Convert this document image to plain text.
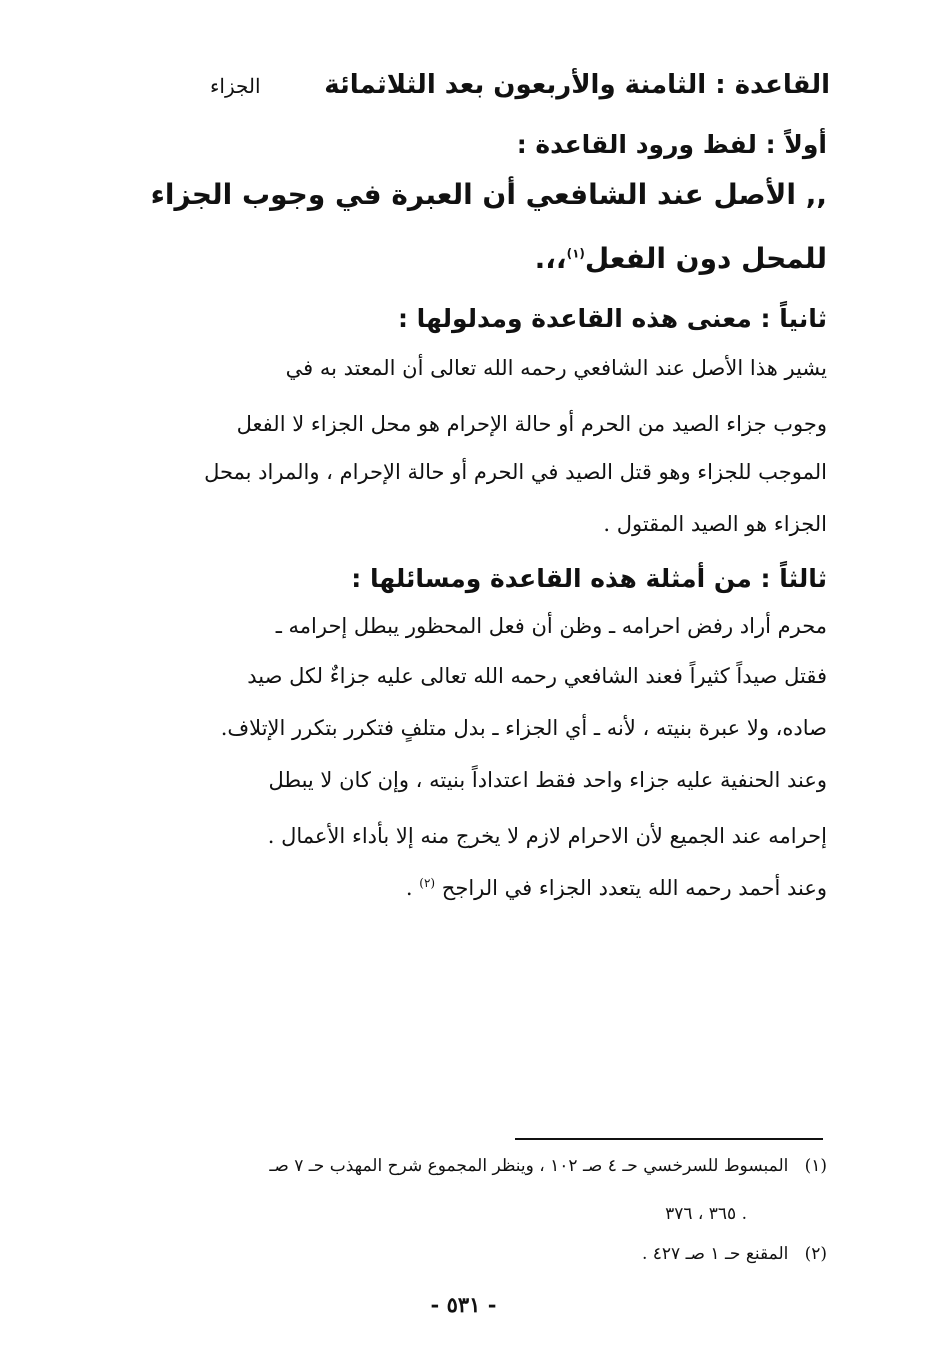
القاعدة : الثامنة والأربعون بعد الثلاثمائة
الجزاء
أولاً : لفظ ورود القاعدة :
,, الأصل عند الشافعي أن العبرة في وجوب الجزاء
للمحل دون الفعل$^{(١)}$،،.
ثانياً : معنى هذه القاعدة ومدلولها :
يشير هذا الأصل عند الشافعي رحمه الله تعالى أن المعتد به في
وجوب جزاء الصيد من الحرم أو حالة الإحرام هو محل الجزاء لا الفعل
الموجب للجزاء وهو قتل الصيد في الحرم أو حالة الإحرام ، والمراد بمحل
الجزاء هو الصيد المقتول .
ثالثاً : من أمثلة هذه القاعدة ومسائلها :
محرم أراد رفض احرامه ـ وظن أن فعل المحظور يبطل إحرامه ـ
فقتل صيداً كثيراً فعند الشافعي رحمه الله تعالى عليه جزاءٌ لكل صيد
صاده، ولا عبرة بنيته ، لأنه ـ أي الجزاء ـ بدل متلفٍ فتكرر بتكرر الإتلاف.
وعند الحنفية عليه جزاء واحد فقط اعتداداً بنيته ، وإن كان لا يبطل
إحرامه عند الجميع لأن الاحرام لازم لا يخرج منه إلا بأداء الأعمال .
وعند أحمد رحمه الله يتعدد الجزاء في الراجح $^{(٢)}$ .
(١)   المبسوط للسرخسي حـ ٤ صـ ١٠٢ ، وينظر المجموع شرح المهذب حـ ٧ صـ
٣٦٥ ، ٣٧٦ .
(٢)   المقنع حـ ١ صـ ٤٢٧ .
- ٥٣١ -
